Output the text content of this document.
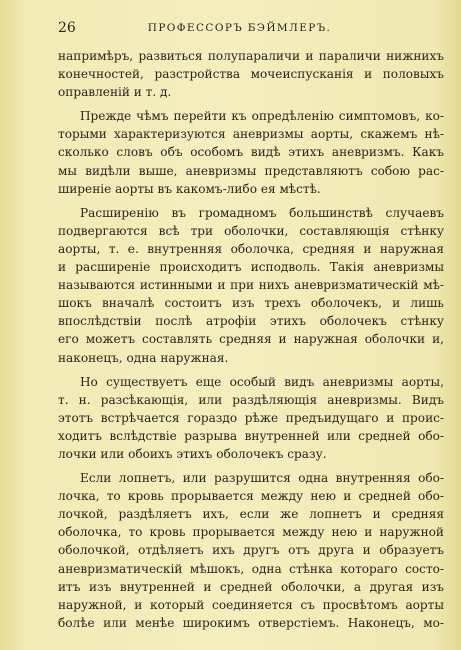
26	ПРОФЕССОРЪ БЭЙМЛЕРЪ.
напримѣръ, развиться полупараличи и параличи нижнихъ
конечностей, разстройства мочеиспусканія и половыхъ
оправленій и т. д.
Прежде чѣмъ перейти къ опредѣленію симптомовъ, ко-
торыми характеризуются аневризмы аорты, скажемъ нѣ-
сколько словъ объ особомъ видѣ этихъ аневризмъ. Какъ
мы видѣли выше, аневризмы представляютъ собою рас-
ширеніе аорты въ какомъ-либо ея мѣстѣ.
Расширенію въ громадномъ большинствѣ случаевъ
подвергаются всѣ три оболочки, составляющія стѣнку
аорты, т. е. внутренняя оболочка, средняя и наружная
и расширеніе происходитъ исподволь. Такія аневризмы
называются истинными и при нихъ аневризматическій мѣ-
шокъ вначалѣ состоитъ изъ трехъ оболочекъ, и лишь
впослѣдствіи послѣ атрофіи этихъ оболочекъ стѣнку
его можетъ составлять средняя и наружная оболочки и,
наконецъ, одна наружная.
Но существуетъ еще особый видъ аневризмы аорты,
т. н. разсѣкающія, или раздѣляющія аневризмы. Видъ
этотъ встрѣчается гораздо рѣже предъидущаго и проис-
ходитъ вслѣдствіе разрыва внутренней или средней обо-
лочки или обоихъ этихъ оболочекъ сразу.
Если лопнетъ, или разрушится одна внутренняя обо-
лочка, то кровь прорывается между нею и средней обо-
лочкой, раздѣляетъ ихъ, если же лопнетъ и средняя
оболочка, то кровь прорывается между нею и наружной
оболочкой, отдѣляетъ ихъ другъ отъ друга и образуетъ
аневризматическій мѣшокъ, одна стѣнка котораго состо-
итъ изъ внутренней и средней оболочки, а другая изъ
наружной, и который соединяется съ просвѣтомъ аорты
болѣе или менѣе широкимъ отверстіемъ. Наконецъ, мо-
